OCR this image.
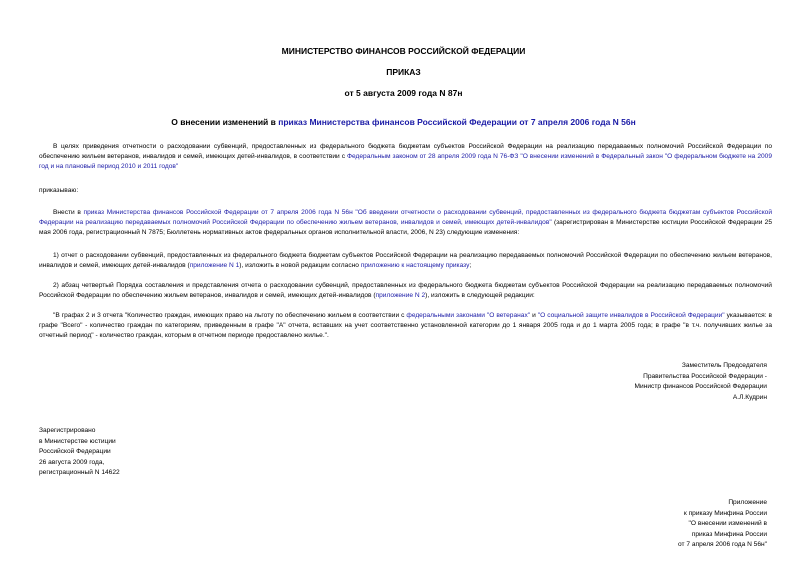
МИНИСТЕРСТВО ФИНАНСОВ РОССИЙСКОЙ ФЕДЕРАЦИИ
ПРИКАЗ
от 5 августа 2009 года N 87н
О внесении изменений в приказ Министерства финансов Российской Федерации от 7 апреля 2006 года N 56н
В целях приведения отчетности о расходовании субвенций, предоставленных из федерального бюджета бюджетам субъектов Российской Федерации на реализацию передаваемых полномочий Российской Федерации по обеспечению жильем ветеранов, инвалидов и семей, имеющих детей-инвалидов, в соответствии с Федеральным законом от 28 апреля 2009 года N 76-ФЗ "О внесении изменений в Федеральный закон "О федеральном бюджете на 2009 год и на плановый период 2010 и 2011 годов"
приказываю:
Внести в приказ Министерства финансов Российской Федерации от 7 апреля 2006 года N 56н "Об введении отчетности о расходовании субвенций, предоставленных из федерального бюджета бюджетам субъектов Российской Федерации на реализацию передаваемых полномочий Российской Федерации по обеспечению жильем ветеранов, инвалидов и семей, имеющих детей-инвалидов" (зарегистрирован в Министерстве юстиции Российской Федерации 25 мая 2006 года, регистрационный N 7875; Бюллетень нормативных актов федеральных органов исполнительной власти, 2006, N 23) следующие изменения:
1) отчет о расходовании субвенций, предоставленных из федерального бюджета бюджетам субъектов Российской Федерации на реализацию передаваемых полномочий Российской Федерации по обеспечению жильем ветеранов, инвалидов и семей, имеющих детей-инвалидов (приложение N 1), изложить в новой редакции согласно приложению к настоящему приказу;
2) абзац четвертый Порядка составления и представления отчета о расходовании субвенций, предоставленных из федерального бюджета бюджетам субъектов Российской Федерации на реализацию передаваемых полномочий Российской Федерации по обеспечению жильем ветеранов, инвалидов и семей, имеющих детей-инвалидов (приложение N 2), изложить в следующей редакции:
"В графах 2 и 3 отчета "Количество граждан, имеющих право на льготу по обеспечению жильем в соответствии с федеральными законами "О ветеранах" и "О социальной защите инвалидов в Российской Федерации" указывается: в графе "Всего" - количество граждан по категориям, приведенным в графе "А" отчета, вставших на учет соответственно установленной категории до 1 января 2005 года и до 1 марта 2005 года; в графе "в т.ч. получивших жилье за отчетный период" - количество граждан, которым в отчетном периоде предоставлено жилье.".
Заместитель Председателя
Правительства Российской Федерации -
Министр финансов Российской Федерации
А.Л.Кудрин
Зарегистрировано
в Министерстве юстиции
Российской Федерации
26 августа 2009 года,
регистрационный N 14622
Приложение
к приказу Минфина России
"О внесении изменений в
приказ Минфина России
от 7 апреля 2006 года N 56н"
